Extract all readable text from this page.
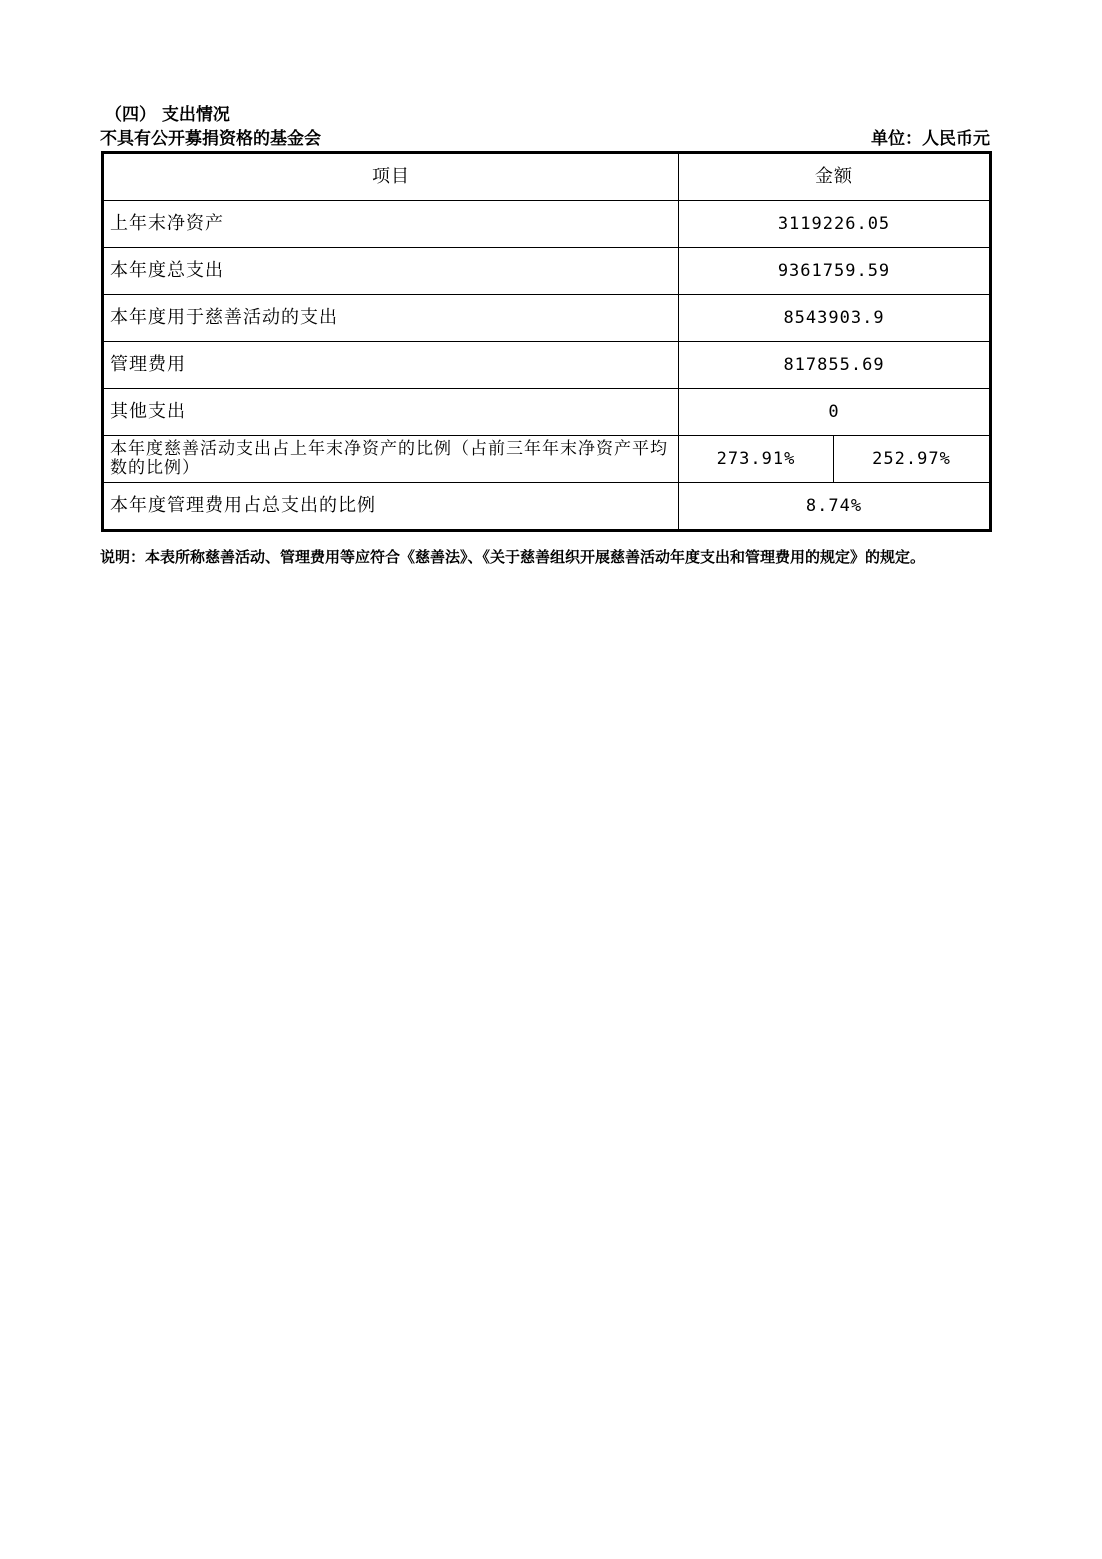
（四） 支出情况
不具有公开募捐资格的基金会	单位：人民币元
项目	金额	
上年末净资产	3119226.05	
本年度总支出	9361759.59	
本年度用于慈善活动的支出	8543903.9	
管理费用	817855.69	
其他支出	0	
本年度慈善活动支出占上年末净资产的比例（占前三年年末净资产平均数的比例）	273.91%	252.97%
本年度管理费用占总支出的比例	8.74%	
说明：本表所称慈善活动、管理费用等应符合《慈善法》、《关于慈善组织开展慈善活动年度支出和管理费用的规定》的规定。
